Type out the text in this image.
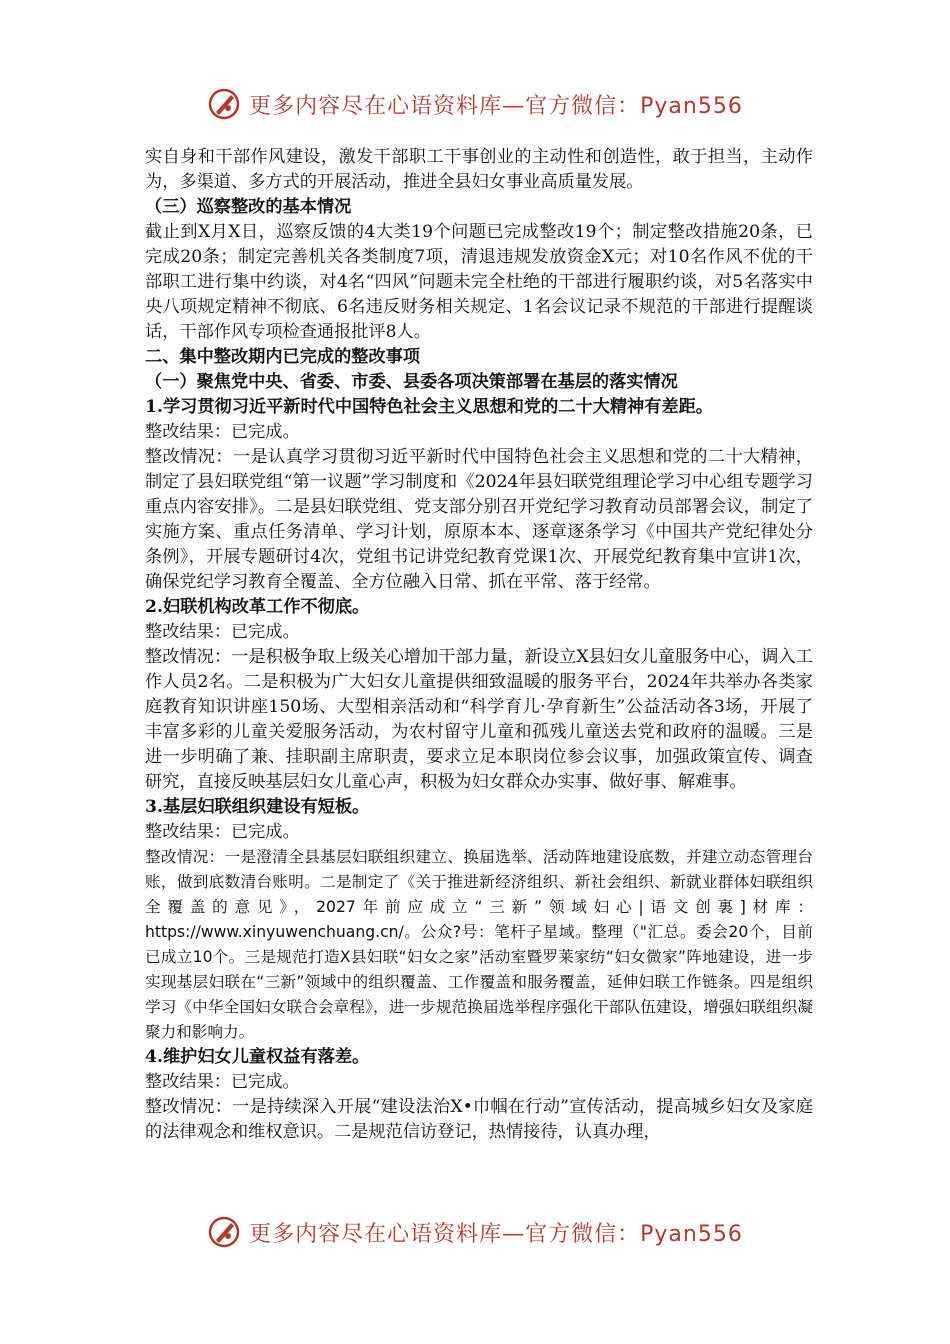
更多内容尽在心语资料库—官方微信：Pyan556

实自身和干部作风建设，激发干部职工干事创业的主动性和创造性，敢于担当，主动作为，多渠道、多方式的开展活动，推进全县妇女事业高质量发展。

（三）巡察整改的基本情况

截止到X月X日，巡察反馈的4大类19个问题已完成整改19个；制定整改措施20条，已完成20条；制定完善机关各类制度7项，清退违规发放资金X元；对10名作风不优的干部职工进行集中约谈，对4名“四风”问题未完全杜绝的干部进行履职约谈，对5名落实中央八项规定精神不彻底、6名违反财务相关规定、1名会议记录不规范的干部进行提醒谈话，干部作风专项检查通报批评8人。

二、集中整改期内已完成的整改事项

（一）聚焦党中央、省委、市委、县委各项决策部署在基层的落实情况

1.学习贯彻习近平新时代中国特色社会主义思想和党的二十大精神有差距。

整改结果：已完成。

整改情况：一是认真学习贯彻习近平新时代中国特色社会主义思想和党的二十大精神，制定了县妇联党组“第一议题”学习制度和《2024年县妇联党组理论学习中心组专题学习重点内容安排》。二是县妇联党组、党支部分别召开党纪学习教育动员部署会议，制定了实施方案、重点任务清单、学习计划，原原本本、逐章逐条学习《中国共产党纪律处分条例》，开展专题研讨4次，党组书记讲党纪教育党课1次、开展党纪教育集中宣讲1次，确保党纪学习教育全覆盖、全方位融入日常、抓在平常、落于经常。

2.妇联机构改革工作不彻底。

整改结果：已完成。

整改情况：一是积极争取上级关心增加干部力量，新设立X县妇女儿童服务中心，调入工作人员2名。二是积极为广大妇女儿童提供细致温暖的服务平台，2024年共举办各类家庭教育知识讲座150场、大型相亲活动和“科学育儿·孕育新生”公益活动各3场，开展了丰富多彩的儿童关爱服务活动，为农村留守儿童和孤残儿童送去党和政府的温暖。三是进一步明确了兼、挂职副主席职责，要求立足本职岗位参会议事，加强政策宣传、调查研究，直接反映基层妇女儿童心声，积极为妇女群众办实事、做好事、解难事。

3.基层妇联组织建设有短板。

整改结果：已完成。

整改情况：一是澄清全县基层妇联组织建立、换届选举、活动阵地建设底数，并建立动态管理台账，做到底数清台账明。二是制定了《关于推进新经济组织、新社会组织、新就业群体妇联组织全覆盖的意见》，2027年前应成立“三新”领域妇心|语文创裏]材库：https://www.xinyuwenchuang.cn/。公众?号：笔杆子星域。整理（"汇总。委会20个，目前已成立10个。三是规范打造X县妇联“妇女之家”活动室暨罗莱家纺“妇女微家”阵地建设，进一步实现基层妇联在“三新”领域中的组织覆盖、工作覆盖和服务覆盖，延伸妇联工作链条。四是组织学习《中华全国妇女联合会章程》，进一步规范换届选举程序强化干部队伍建设，增强妇联组织凝聚力和影响力。

4.维护妇女儿童权益有落差。

整改结果：已完成。

整改情况：一是持续深入开展“建设法治X•巾帼在行动”宣传活动，提高城乡妇女及家庭的法律观念和维权意识。二是规范信访登记，热情接待，认真办理，

更多内容尽在心语资料库—官方微信：Pyan556
